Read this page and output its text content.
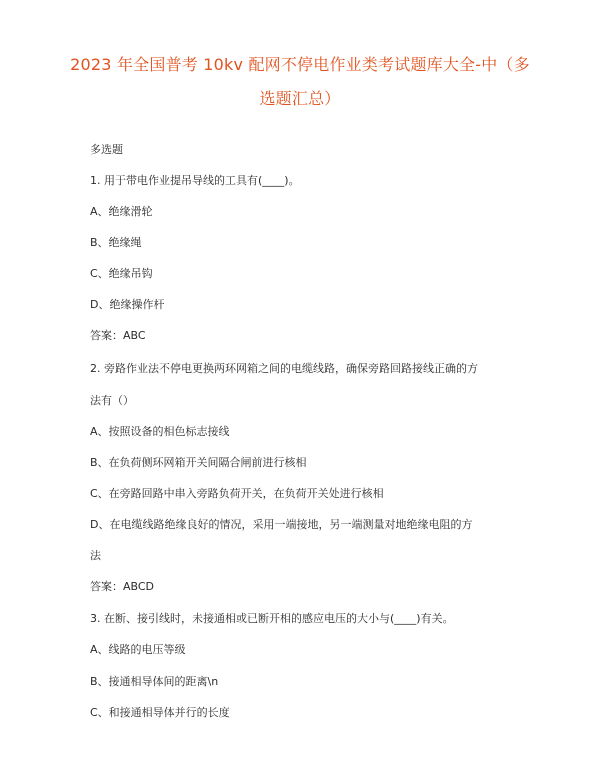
2023 年全国普考 10kv 配网不停电作业类考试题库大全-中（多
选题汇总）
多选题
1. 用于带电作业提吊导线的工具有(____)。
A、绝缘滑轮
B、绝缘绳
C、绝缘吊钩
D、绝缘操作杆
答案：ABC
2. 旁路作业法不停电更换两环网箱之间的电缆线路，确保旁路回路接线正确的方
法有（）
A、按照设备的相色标志接线
B、在负荷侧环网箱开关间隔合闸前进行核相
C、在旁路回路中串入旁路负荷开关，在负荷开关处进行核相
D、在电缆线路绝缘良好的情况，采用一端接地，另一端测量对地绝缘电阻的方
法
答案：ABCD
3. 在断、接引线时，未接通相或已断开相的感应电压的大小与(____)有关。
A、线路的电压等级
B、接通相导体间的距离\n
C、和接通相导体并行的长度
